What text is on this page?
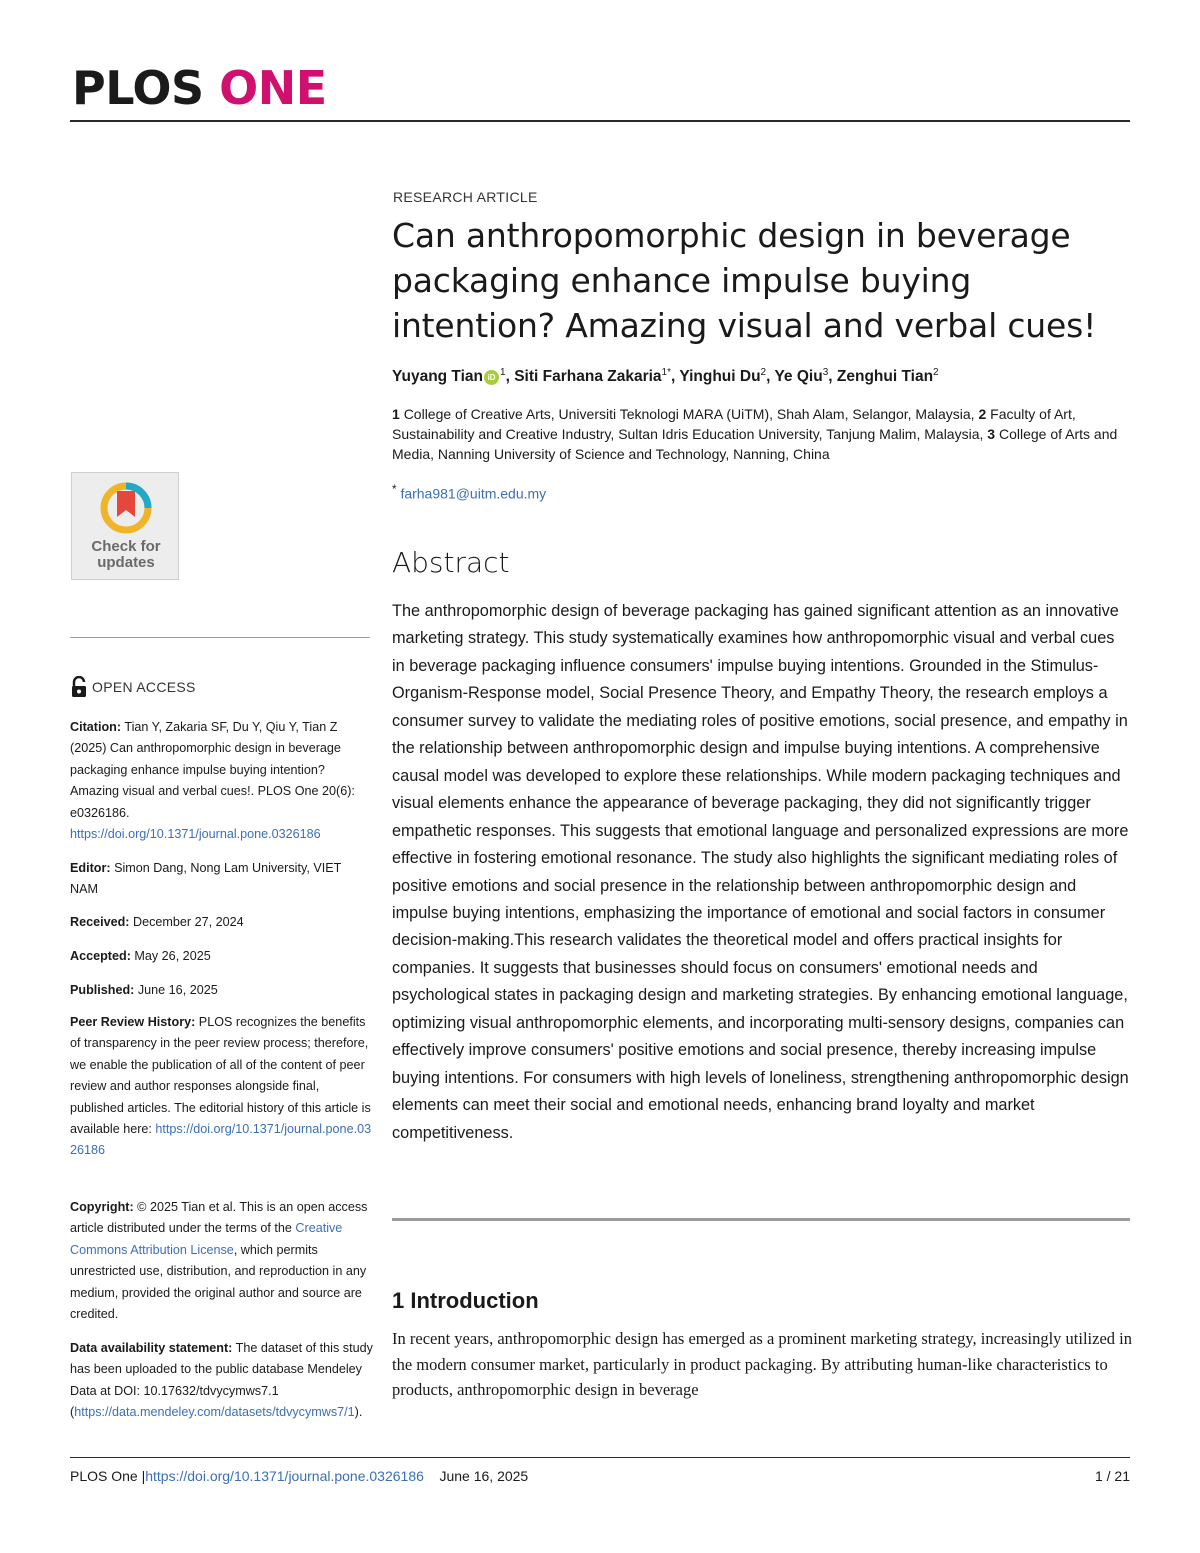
PLOS ONE
Check for
updates
OPEN ACCESS
Citation: Tian Y, Zakaria SF, Du Y, Qiu Y, Tian Z (2025) Can anthropomorphic design in beverage packaging enhance impulse buying intention? Amazing visual and verbal cues!. PLOS One 20(6): e0326186. https://doi.org/10.1371/journal.pone.0326186
Editor: Simon Dang, Nong Lam University, VIET NAM
Received: December 27, 2024
Accepted: May 26, 2025
Published: June 16, 2025
Peer Review History: PLOS recognizes the benefits of transparency in the peer review process; therefore, we enable the publication of all of the content of peer review and author responses alongside final, published articles. The editorial history of this article is available here: https://doi.org/10.1371/journal.pone.0326186
Copyright: © 2025 Tian et al. This is an open access article distributed under the terms of the Creative Commons Attribution License, which permits unrestricted use, distribution, and reproduction in any medium, provided the original author and source are credited.
Data availability statement: The dataset of this study has been uploaded to the public database Mendeley Data at DOI: 10.17632/tdvycymws7.1 (https://data.mendeley.com/datasets/tdvycymws7/1).
RESEARCH ARTICLE
Can anthropomorphic design in beverage packaging enhance impulse buying intention? Amazing visual and verbal cues!
Yuyang Tian iD $^1$, Siti Farhana Zakaria$^{1*}$, Yinghui Du$^2$, Ye Qiu$^3$, Zenghui Tian$^2$
1 College of Creative Arts, Universiti Teknologi MARA (UiTM), Shah Alam, Selangor, Malaysia, 2 Faculty of Art, Sustainability and Creative Industry, Sultan Idris Education University, Tanjung Malim, Malaysia, 3 College of Arts and Media, Nanning University of Science and Technology, Nanning, China
* farha981@uitm.edu.my
Abstract
The anthropomorphic design of beverage packaging has gained significant attention as an innovative marketing strategy. This study systematically examines how anthropomorphic visual and verbal cues in beverage packaging influence consumers' impulse buying intentions. Grounded in the Stimulus-Organism-Response model, Social Presence Theory, and Empathy Theory, the research employs a consumer survey to validate the mediating roles of positive emotions, social presence, and empathy in the relationship between anthropomorphic design and impulse buying intentions. A comprehensive causal model was developed to explore these relationships. While modern packaging techniques and visual elements enhance the appearance of beverage packaging, they did not significantly trigger empathetic responses. This suggests that emotional language and personalized expressions are more effective in fostering emotional resonance. The study also highlights the significant mediating roles of positive emotions and social presence in the relationship between anthropomorphic design and impulse buying intentions, emphasizing the importance of emotional and social factors in consumer decision-making.This research validates the theoretical model and offers practical insights for companies. It suggests that businesses should focus on consumers' emotional needs and psychological states in packaging design and marketing strategies. By enhancing emotional language, optimizing visual anthropomorphic elements, and incorporating multi-sensory designs, companies can effectively improve consumers' positive emotions and social presence, thereby increasing impulse buying intentions. For consumers with high levels of loneliness, strengthening anthropomorphic design elements can meet their social and emotional needs, enhancing brand loyalty and market competitiveness.
1 Introduction
In recent years, anthropomorphic design has emerged as a prominent marketing strategy, increasingly utilized in the modern consumer market, particularly in product packaging. By attributing human-like characteristics to products, anthropomorphic design in beverage
PLOS One |https://doi.org/10.1371/journal.pone.0326186 June 16, 2025	1 / 21
